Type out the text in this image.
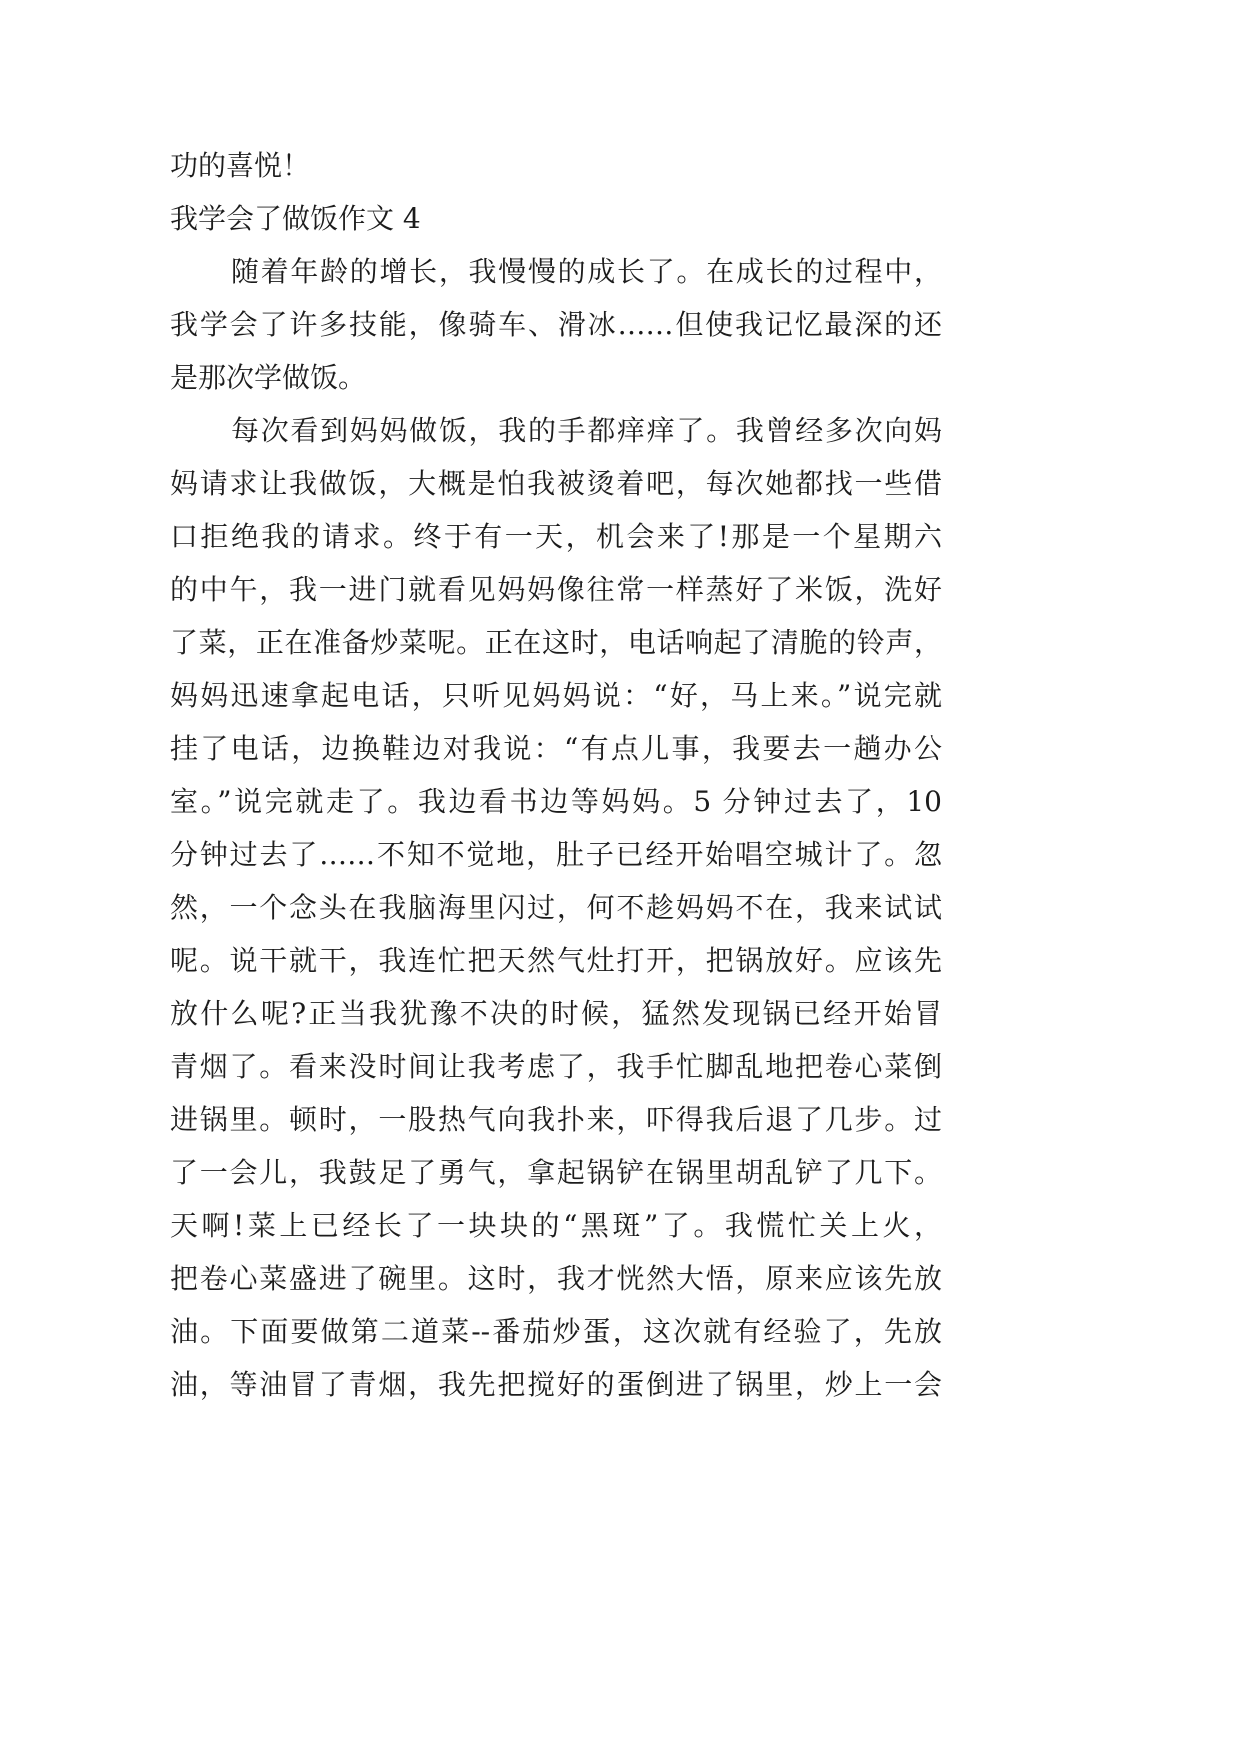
功的喜悦！
我学会了做饭作文 4
随着年龄的增长，我慢慢的成长了。在成长的过程中，
我学会了许多技能，像骑车、滑冰……但使我记忆最深的还
是那次学做饭。
每次看到妈妈做饭，我的手都痒痒了。我曾经多次向妈
妈请求让我做饭，大概是怕我被烫着吧，每次她都找一些借
口拒绝我的请求。终于有一天，机会来了!那是一个星期六
的中午，我一进门就看见妈妈像往常一样蒸好了米饭，洗好
了菜，正在准备炒菜呢。正在这时，电话响起了清脆的铃声，
妈妈迅速拿起电话，只听见妈妈说：“好，马上来。”说完就
挂了电话，边换鞋边对我说：“有点儿事，我要去一趟办公
室。”说完就走了。我边看书边等妈妈。5 分钟过去了，10
分钟过去了……不知不觉地，肚子已经开始唱空城计了。忽
然，一个念头在我脑海里闪过，何不趁妈妈不在，我来试试
呢。说干就干，我连忙把天然气灶打开，把锅放好。应该先
放什么呢?正当我犹豫不决的时候，猛然发现锅已经开始冒
青烟了。看来没时间让我考虑了，我手忙脚乱地把卷心菜倒
进锅里。顿时，一股热气向我扑来，吓得我后退了几步。过
了一会儿，我鼓足了勇气，拿起锅铲在锅里胡乱铲了几下。
天啊!菜上已经长了一块块的“黑斑”了。我慌忙关上火，
把卷心菜盛进了碗里。这时，我才恍然大悟，原来应该先放
油。下面要做第二道菜--番茄炒蛋，这次就有经验了，先放
油，等油冒了青烟，我先把搅好的蛋倒进了锅里，炒上一会
